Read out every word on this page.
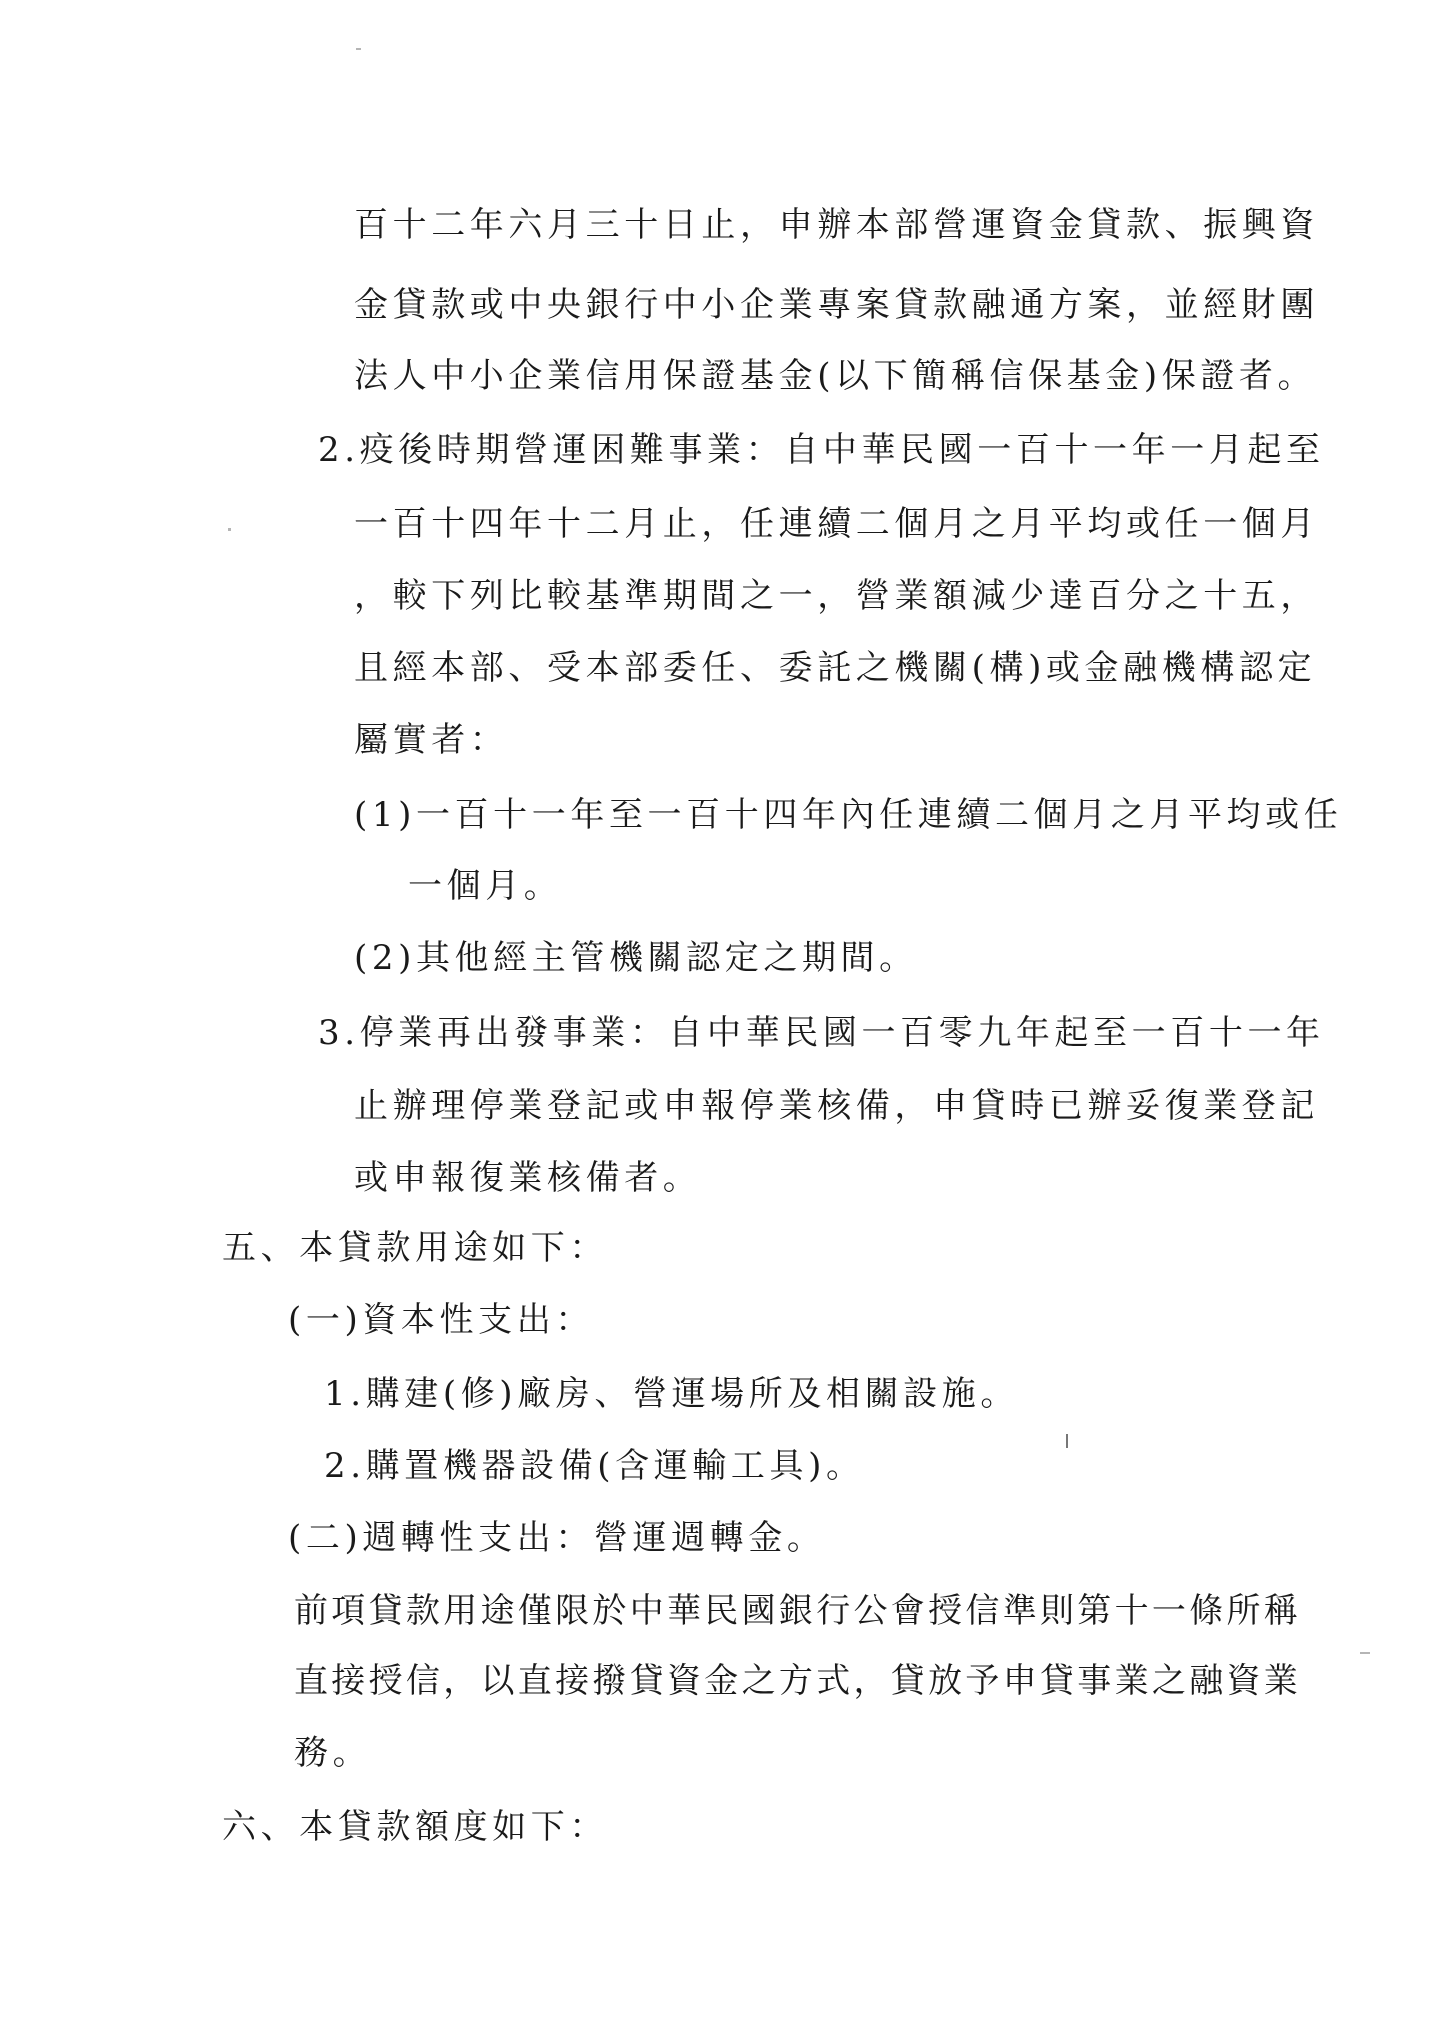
百十二年六月三十日止，申辦本部營運資金貸款、振興資
金貸款或中央銀行中小企業專案貸款融通方案，並經財團
法人中小企業信用保證基金(以下簡稱信保基金)保證者。
2.疫後時期營運困難事業：自中華民國一百十一年一月起至
一百十四年十二月止，任連續二個月之月平均或任一個月
，較下列比較基準期間之一，營業額減少達百分之十五，
且經本部、受本部委任、委託之機關(構)或金融機構認定
屬實者：
(1)一百十一年至一百十四年內任連續二個月之月平均或任
一個月。
(2)其他經主管機關認定之期間。
3.停業再出發事業：自中華民國一百零九年起至一百十一年
止辦理停業登記或申報停業核備，申貸時已辦妥復業登記
或申報復業核備者。
五、本貸款用途如下：
(一)資本性支出：
1.購建(修)廠房、營運場所及相關設施。
2.購置機器設備(含運輸工具)。
(二)週轉性支出：營運週轉金。
前項貸款用途僅限於中華民國銀行公會授信準則第十一條所稱
直接授信，以直接撥貸資金之方式，貸放予申貸事業之融資業
務。
六、本貸款額度如下：
